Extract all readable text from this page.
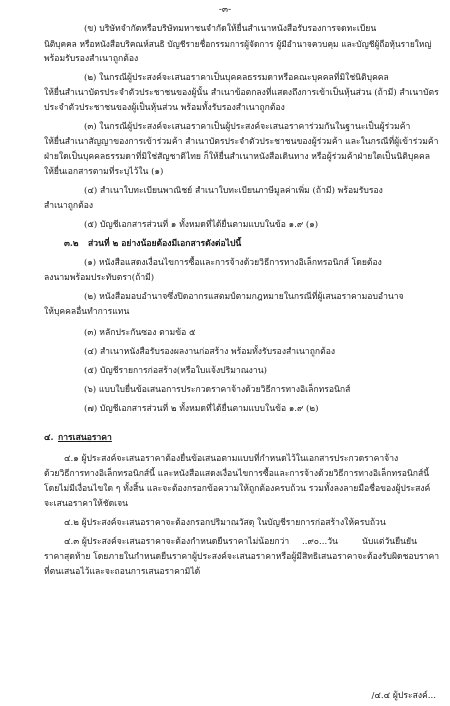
-๓-
(ข) บริษัทจำกัดหรือบริษัทมหาชนจำกัดให้ยื่นสำเนาหนังสือรับรองการจดทะเบียน
นิติบุคคล หรือหนังสือบริคณห์สนธิ บัญชีรายชื่อกรรมการผู้จัดการ ผู้มีอำนาจควบคุม และบัญชีผู้ถือหุ้นรายใหญ่
พร้อมรับรองสำเนาถูกต้อง
(๒) ในกรณีผู้ประสงค์จะเสนอราคาเป็นบุคคลธรรมดาหรือคณะบุคคลที่มิใช่นิติบุคคล
ให้ยื่นสำเนาบัตรประจำตัวประชาชนของผู้นั้น สำเนาข้อตกลงที่แสดงถึงการเข้าเป็นหุ้นส่วน (ถ้ามี) สำเนาบัตร
ประจำตัวประชาชนของผู้เป็นหุ้นส่วน พร้อมทั้งรับรองสำเนาถูกต้อง
(๓) ในกรณีผู้ประสงค์จะเสนอราคาเป็นผู้ประสงค์จะเสนอราคาร่วมกันในฐานะเป็นผู้ร่วมค้า
ให้ยื่นสำเนาสัญญาของการเข้าร่วมค้า สำเนาบัตรประจำตัวประชาชนของผู้ร่วมค้า และในกรณีที่ผู้เข้าร่วมค้า
ฝ่ายใดเป็นบุคคลธรรมดาที่มิใช่สัญชาติไทย ก็ให้ยื่นสำเนาหนังสือเดินทาง หรือผู้ร่วมค้าฝ่ายใดเป็นนิติบุคคล
ให้ยื่นเอกสารตามที่ระบุไว้ใน (๑)
(๔) สำเนาใบทะเบียนพาณิชย์ สำเนาใบทะเบียนภาษีมูลค่าเพิ่ม (ถ้ามี) พร้อมรับรอง
สำเนาถูกต้อง
(๕) บัญชีเอกสารส่วนที่ ๑ ทั้งหมดที่ได้ยื่นตามแบบในข้อ ๑.๙ (๑)
๓.๒ ส่วนที่ ๒ อย่างน้อยต้องมีเอกสารดังต่อไปนี้
(๑) หนังสือแสดงเงื่อนไขการซื้อและการจ้างด้วยวิธีการทางอิเล็กทรอนิกส์ โดยต้อง
ลงนามพร้อมประทับตรา(ถ้ามี)
(๒) หนังสือมอบอำนาจซึ่งปิดอากรแสตมป์ตามกฎหมายในกรณีที่ผู้เสนอราคามอบอำนาจ
ให้บุคคลอื่นทำการแทน
(๓) หลักประกันซอง ตามข้อ ๕
(๔) สำเนาหนังสือรับรองผลงานก่อสร้าง พร้อมทั้งรับรองสำเนาถูกต้อง
(๕) บัญชีรายการก่อสร้าง(หรือใบแจ้งปริมาณงาน)
(๖) แบบใบยื่นข้อเสนอการประกวดราคาจ้างด้วยวิธีการทางอิเล็กทรอนิกส์
(๗) บัญชีเอกสารส่วนที่ ๒ ทั้งหมดที่ได้ยื่นตามแบบในข้อ ๑.๙ (๒)
๔. การเสนอราคา
๔.๑ ผู้ประสงค์จะเสนอราคาต้องยื่นข้อเสนอตามแบบที่กำหนดไว้ในเอกสารประกวดราคาจ้าง
ด้วยวิธีการทางอิเล็กทรอนิกส์นี้ และหนังสือแสดงเงื่อนไขการซื้อและการจ้างด้วยวิธีการทางอิเล็กทรอนิกส์นี้
โดยไม่มีเงื่อนไขใด ๆ ทั้งสิ้น และจะต้องกรอกข้อความให้ถูกต้องครบถ้วน รวมทั้งลงลายมือชื่อของผู้ประสงค์
จะเสนอราคาให้ชัดเจน
๔.๒ ผู้ประสงค์จะเสนอราคาจะต้องกรอกปริมาณวัสดุ ในบัญชีรายการก่อสร้างให้ครบถ้วน
๔.๓ ผู้ประสงค์จะเสนอราคาจะต้องกำหนดยืนราคาไม่น้อยกว่า ..๙๐...วัน	นับแต่วันยืนยัน
ราคาสุดท้าย โดยภายในกำหนดยืนราคาผู้ประสงค์จะเสนอราคาหรือผู้มีสิทธิเสนอราคาจะต้องรับผิดชอบราคา
ที่ตนเสนอไว้และจะถอนการเสนอราคามิได้
/๔.๔ ผู้ประสงค์...
